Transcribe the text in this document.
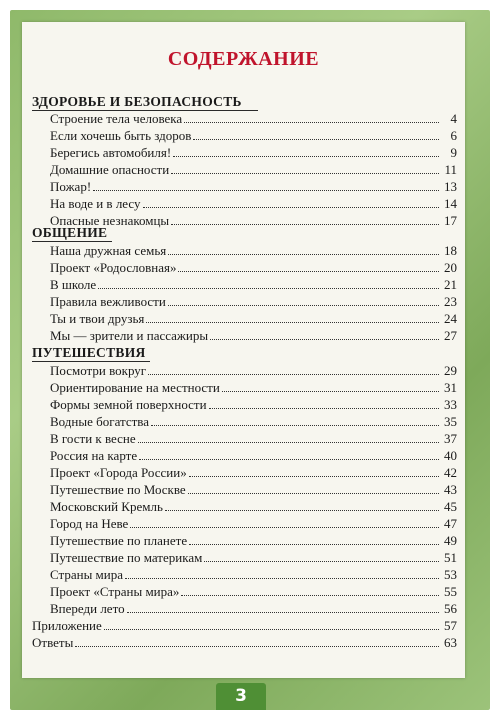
СОДЕРЖАНИЕ
ЗДОРОВЬЕ И БЕЗОПАСНОСТЬ
Строение тела человека	4
Если хочешь быть здоров	6
Берегись автомобиля!	9
Домашние опасности	11
Пожар!	13
На воде и в лесу	14
Опасные незнакомцы	17
ОБЩЕНИЕ
Наша дружная семья	18
Проект «Родословная»	20
В школе	21
Правила вежливости	23
Ты и твои друзья	24
Мы — зрители и пассажиры	27
ПУТЕШЕСТВИЯ
Посмотри вокруг	29
Ориентирование на местности	31
Формы земной поверхности	33
Водные богатства	35
В гости к весне	37
Россия на карте	40
Проект «Города России»	42
Путешествие по Москве	43
Московский Кремль	45
Город на Неве	47
Путешествие по планете	49
Путешествие по материкам	51
Страны мира	53
Проект «Страны мира»	55
Впереди лето	56
Приложение	57
Ответы	63
3
